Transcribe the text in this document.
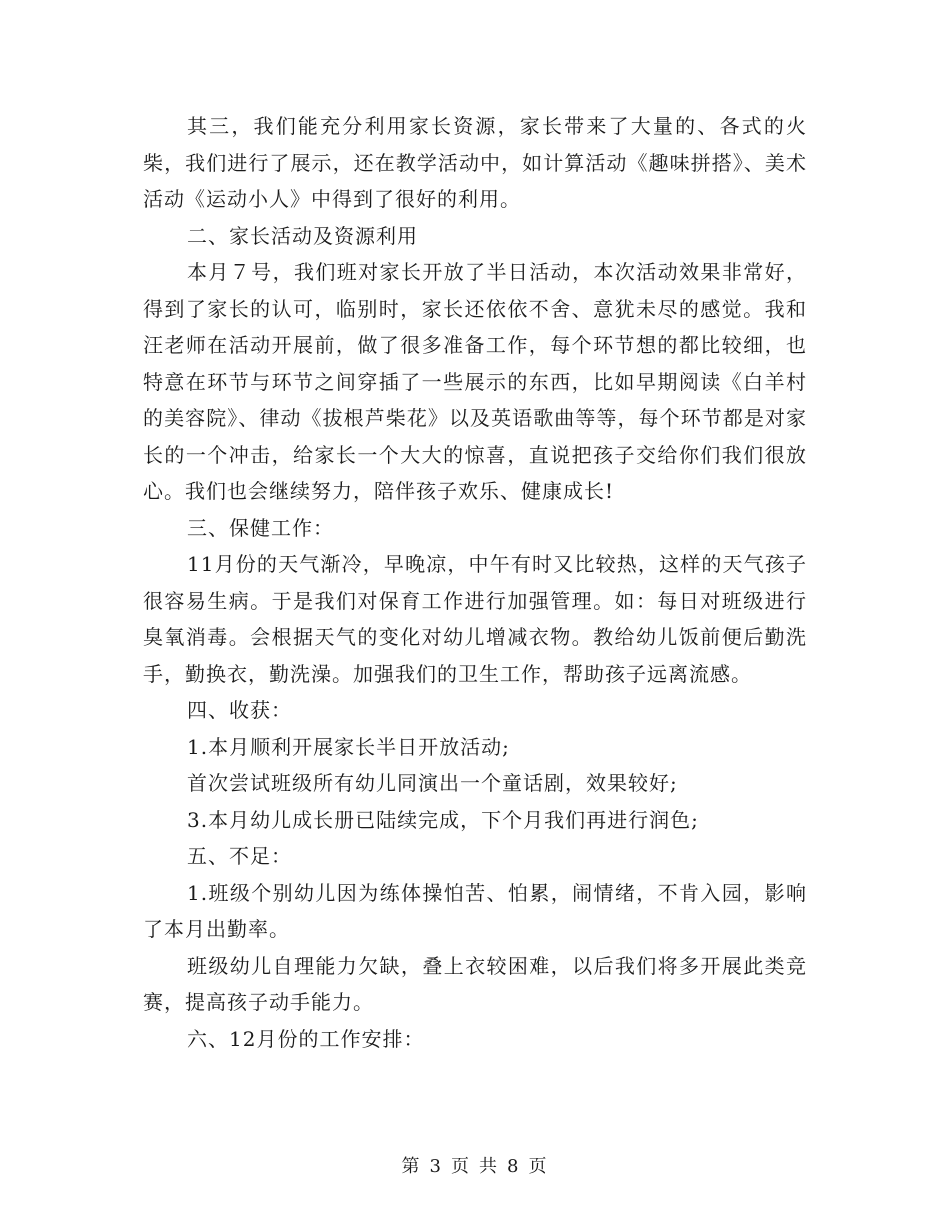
其三，我们能充分利用家长资源，家长带来了大量的、各式的火柴，我们进行了展示，还在教学活动中，如计算活动《趣味拼搭》、美术活动《运动小人》中得到了很好的利用。

二、家长活动及资源利用

本月７号，我们班对家长开放了半日活动，本次活动效果非常好，得到了家长的认可，临别时，家长还依依不舍、意犹未尽的感觉。我和汪老师在活动开展前，做了很多准备工作，每个环节想的都比较细，也特意在环节与环节之间穿插了一些展示的东西，比如早期阅读《白羊村的美容院》、律动《拔根芦柴花》以及英语歌曲等等，每个环节都是对家长的一个冲击，给家长一个大大的惊喜，直说把孩子交给你们我们很放心。我们也会继续努力，陪伴孩子欢乐、健康成长!

三、保健工作：

11月份的天气渐冷，早晚凉，中午有时又比较热，这样的天气孩子很容易生病。于是我们对保育工作进行加强管理。如：每日对班级进行臭氧消毒。会根据天气的变化对幼儿增减衣物。教给幼儿饭前便后勤洗手，勤换衣，勤洗澡。加强我们的卫生工作，帮助孩子远离流感。

四、收获：

1.本月顺利开展家长半日开放活动;

首次尝试班级所有幼儿同演出一个童话剧，效果较好;

3.本月幼儿成长册已陆续完成，下个月我们再进行润色;

五、不足：

1.班级个别幼儿因为练体操怕苦、怕累，闹情绪，不肯入园，影响了本月出勤率。

班级幼儿自理能力欠缺，叠上衣较困难，以后我们将多开展此类竞赛，提高孩子动手能力。

六、12月份的工作安排：

第 3 页 共 8 页
